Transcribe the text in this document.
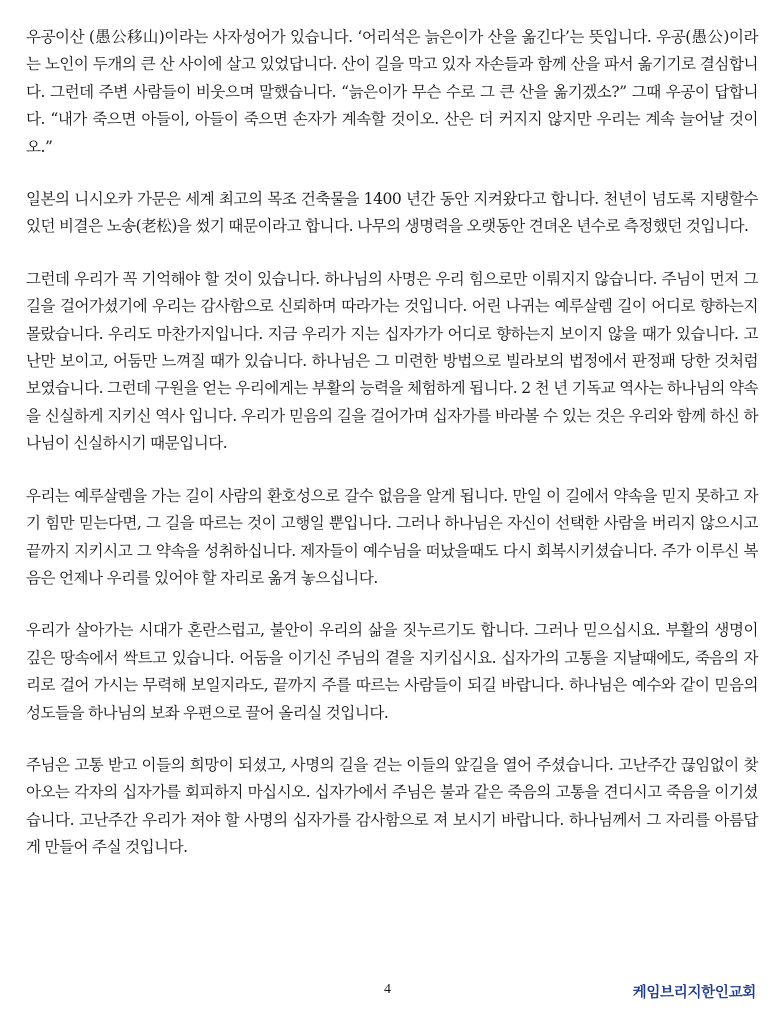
우공이산 (愚公移山)이라는 사자성어가 있습니다. ‘어리석은 늙은이가 산을 옮긴다’는 뜻입니다. 우공(愚公)이라는 노인이 두개의 큰 산 사이에 살고 있었답니다. 산이 길을 막고 있자 자손들과 함께 산을 파서 옮기기로 결심합니다. 그런데 주변 사람들이 비웃으며 말했습니다. “늙은이가 무슨 수로 그 큰 산을 옮기겠소?” 그때 우공이 답합니다. “내가 죽으면 아들이, 아들이 죽으면 손자가 계속할 것이오. 산은 더 커지지 않지만 우리는 계속 늘어날 것이오.”

일본의 니시오카 가문은 세계 최고의 목조 건축물을 1400 년간 동안 지켜왔다고 합니다. 천년이 넘도록 지탱할수 있던 비결은 노송(老松)을 썼기 때문이라고 합니다. 나무의 생명력을 오랫동안 견뎌온 년수로 측정했던 것입니다.

그런데 우리가 꼭 기억해야 할 것이 있습니다. 하나님의 사명은 우리 힘으로만 이뤄지지 않습니다. 주님이 먼저 그 길을 걸어가셨기에 우리는 감사함으로 신뢰하며 따라가는 것입니다. 어린 나귀는 예루살렘 길이 어디로 향하는지 몰랐습니다. 우리도 마찬가지입니다. 지금 우리가 지는 십자가가 어디로 향하는지 보이지 않을 때가 있습니다. 고난만 보이고, 어둠만 느껴질 때가 있습니다. 하나님은 그 미련한 방법으로 빌라보의 법정에서 판정패 당한 것처럼 보였습니다. 그런데 구원을 얻는 우리에게는 부활의 능력을 체험하게 됩니다. 2 천 년 기독교 역사는 하나님의 약속을 신실하게 지키신 역사 입니다. 우리가 믿음의 길을 걸어가며 십자가를 바라볼 수 있는 것은 우리와 함께 하신 하나님이 신실하시기 때문입니다.

우리는 예루살렘을 가는 길이 사람의 환호성으로 갈수 없음을 알게 됩니다. 만일 이 길에서 약속을 믿지 못하고 자기 힘만 믿는다면, 그 길을 따르는 것이 고행일 뿐입니다. 그러나 하나님은 자신이 선택한 사람을 버리지 않으시고 끝까지 지키시고 그 약속을 성취하십니다. 제자들이 예수님을 떠났을때도 다시 회복시키셨습니다. 주가 이루신 복음은 언제나 우리를 있어야 할 자리로 옮겨 놓으십니다.

우리가 살아가는 시대가 혼란스럽고, 불안이 우리의 삶을 짓누르기도 합니다. 그러나 믿으십시요. 부활의 생명이 깊은 땅속에서 싹트고 있습니다. 어둠을 이기신 주님의 곁을 지키십시요. 십자가의 고통을 지날때에도, 죽음의 자리로 걸어 가시는 무력해 보일지라도, 끝까지 주를 따르는 사람들이 되길 바랍니다. 하나님은 예수와 같이 믿음의 성도들을 하나님의 보좌 우편으로 끌어 올리실 것입니다.

주님은 고통 받고 이들의 희망이 되셨고, 사명의 길을 걷는 이들의 앞길을 열어 주셨습니다. 고난주간 끊임없이 찾아오는 각자의 십자가를 회피하지 마십시오. 십자가에서 주님은 불과 같은 죽음의 고통을 견디시고 죽음을 이기셨습니다. 고난주간 우리가 져야 할 사명의 십자가를 감사함으로 져 보시기 바랍니다. 하나님께서 그 자리를 아름답게 만들어 주실 것입니다.

4	케임브리지한인교회
